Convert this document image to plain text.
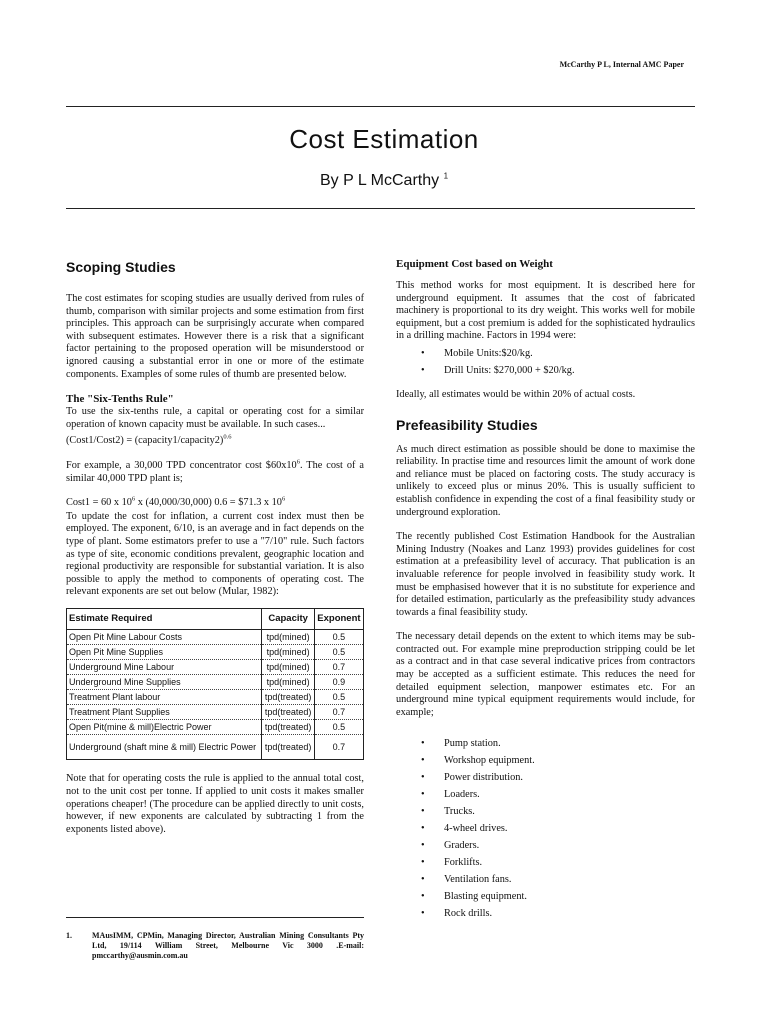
McCarthy P L, Internal AMC Paper
Cost Estimation
By P L McCarthy $^1$
Scoping Studies

The cost estimates for scoping studies are usually derived from rules of thumb, comparison with similar projects and some estimation from first principles. This approach can be surprisingly accurate when compared with subsequent estimates. However there is a risk that a significant factor pertaining to the proposed operation will be misunderstood or ignored causing a substantial error in one or more of the estimate components. Examples of some rules of thumb are presented below.

The "Six-Tenths Rule"

To use the six-tenths rule, a capital or operating cost for a similar operation of known capacity must be available. In such cases...

(Cost1/Cost2) = (capacity1/capacity2)$^{0.6}$

For example, a 30,000 TPD concentrator cost $\$60x10^6$. The cost of a similar 40,000 TPD plant is;

Cost1 = 60 x $10^6$ x (40,000/30,000) 0.6 = $71.3 x $10^6$

To update the cost for inflation, a current cost index must then be employed. The exponent, 6/10, is an average and in fact depends on the type of plant. Some estimators prefer to use a "7/10" rule. Such factors as type of site, economic conditions prevalent, geographic location and regional productivity are responsible for substantial variation. It is also possible to apply the method to components of operating cost. The relevant exponents are set out below (Mular, 1982):

Estimate Required	Capacity	Exponent
Open Pit Mine Labour Costs	tpd(mined)	0.5
Open Pit Mine Supplies	tpd(mined)	0.5
Underground Mine Labour	tpd(mined)	0.7
Underground Mine Supplies	tpd(mined)	0.9
Treatment Plant labour	tpd(treated)	0.5
Treatment Plant Supplies	tpd(treated)	0.7
Open Pit(mine & mill)Electric Power	tpd(treated)	0.5
Underground (shaft mine & mill) Electric Power	tpd(treated)	0.7

Note that for operating costs the rule is applied to the annual total cost, not to the unit cost per tonne. If applied to unit costs it makes smaller operations cheaper! (The procedure can be applied directly to unit costs, however, if new exponents are calculated by subtracting 1 from the exponents listed above).

1.	MAusIMM, CPMin, Managing Director, Australian Mining Consultants Pty Ltd, 19/114 William Street, Melbourne Vic 3000 .E-mail: pmccarthy@ausmin.com.au
Equipment Cost based on Weight

This method works for most equipment. It is described here for underground equipment. It assumes that the cost of fabricated machinery is proportional to its dry weight. This works well for mobile equipment, but a cost premium is added for the sophisticated hydraulics in a drilling machine. Factors in 1994 were:

• Mobile Units:$20/kg.
• Drill Units: $270,000 + $20/kg.

Ideally, all estimates would be within 20% of actual costs.

Prefeasibility Studies

As much direct estimation as possible should be done to maximise the reliability. In practise time and resources limit the amount of work done and reliance must be placed on factoring costs. The study accuracy is unlikely to exceed plus or minus 20%. This is usually sufficient to establish confidence in expending the cost of a final feasibility study or underground exploration.

The recently published Cost Estimation Handbook for the Australian Mining Industry (Noakes and Lanz 1993) provides guidelines for cost estimation at a prefeasibility level of accuracy. That publication is an invaluable reference for people involved in feasibility study work. It must be emphasised however that it is no substitute for experience and for detailed estimation, particularly as the prefeasibility study advances towards a final feasibility study.

The necessary detail depends on the extent to which items may be sub-contracted out. For example mine preproduction stripping could be let as a contract and in that case several indicative prices from contractors may be accepted as a sufficient estimate. This reduces the need for detailed equipment selection, manpower estimates etc. For an underground mine typical equipment requirements would include, for example;

• Pump station.
• Workshop equipment.
• Power distribution.
• Loaders.
• Trucks.
• 4-wheel drives.
• Graders.
• Forklifts.
• Ventilation fans.
• Blasting equipment.
• Rock drills.
